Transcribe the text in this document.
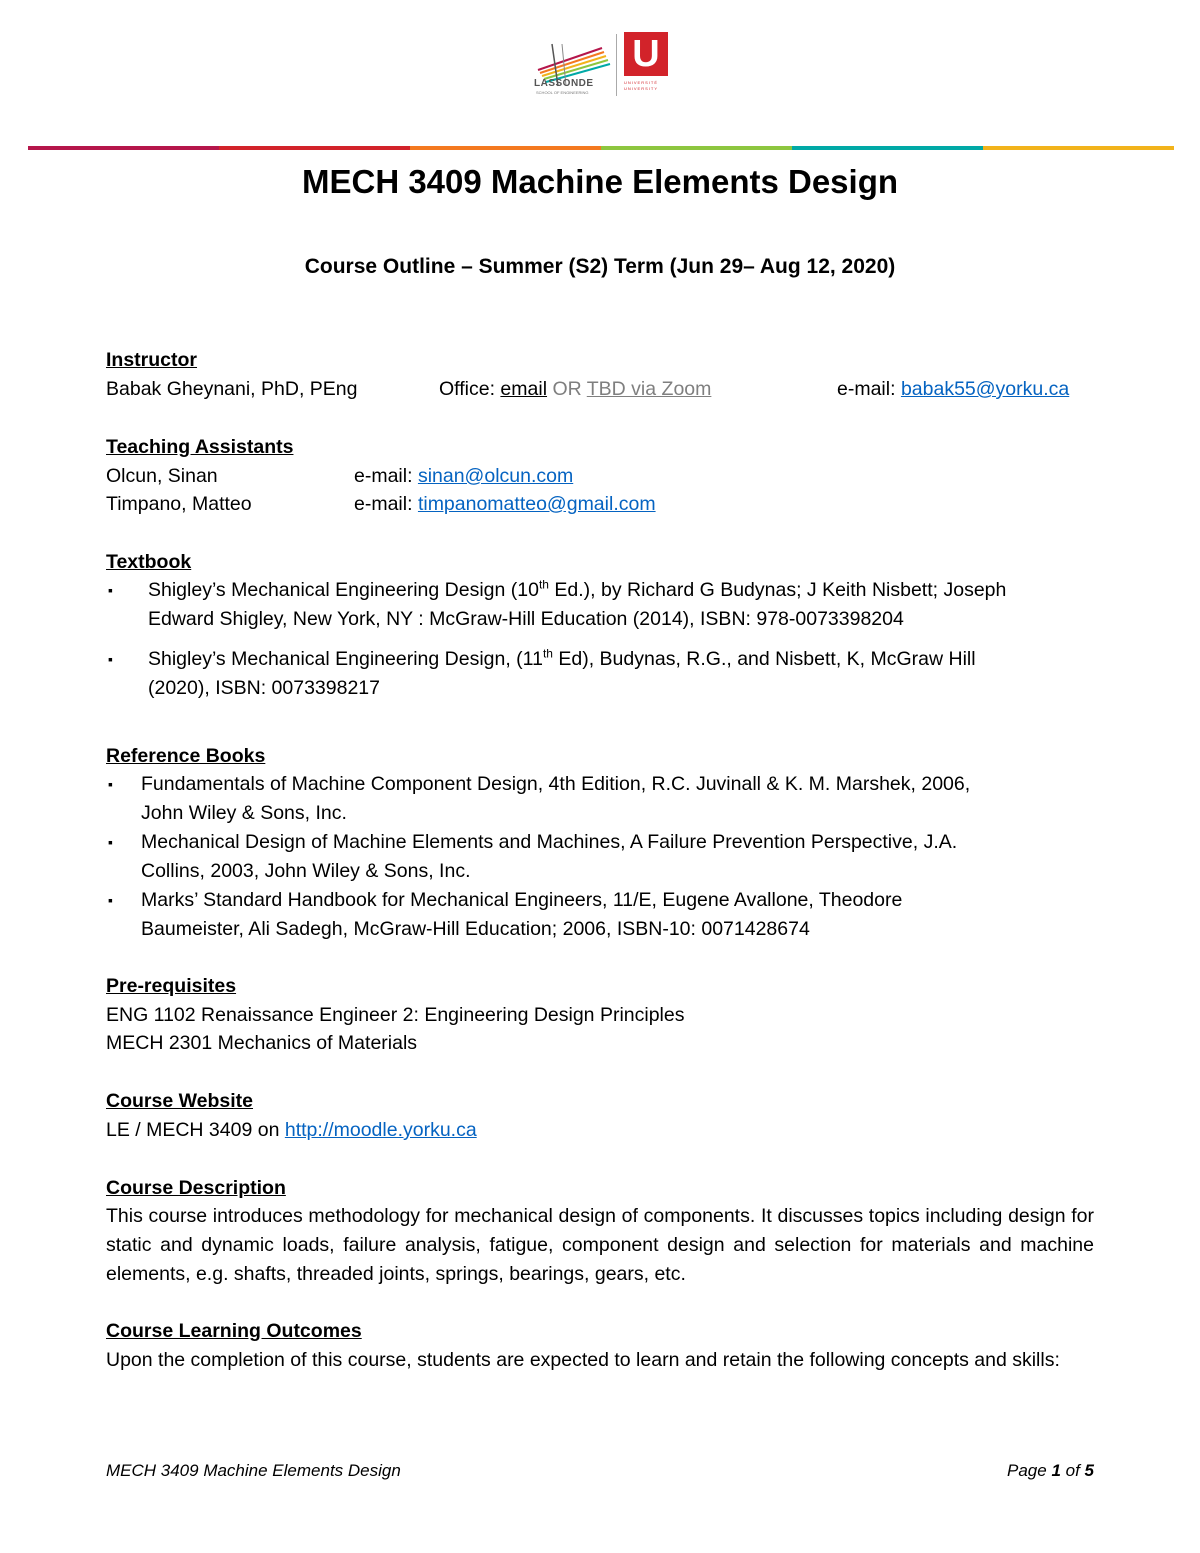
LASSONDE
SCHOOL OF ENGINEERING
U
UNIVERSITÉ UNIVERSITY
MECH 3409 Machine Elements Design
Course Outline – Summer (S2) Term (Jun 29– Aug 12, 2020)
Instructor
Babak Gheynani, PhD, PEng	Office: email OR TBD via Zoom	e-mail: babak55@yorku.ca
Teaching Assistants
Olcun, Sinan	e-mail: sinan@olcun.com
Timpano, Matteo	e-mail: timpanomatteo@gmail.com
Textbook
▪ Shigley’s Mechanical Engineering Design (10th Ed.), by Richard G Budynas; J Keith Nisbett; Joseph
Edward Shigley, New York, NY : McGraw-Hill Education (2014), ISBN: 978-0073398204
▪ Shigley’s Mechanical Engineering Design, (11th Ed), Budynas, R.G., and Nisbett, K, McGraw Hill
(2020), ISBN: 0073398217
Reference Books
▪ Fundamentals of Machine Component Design, 4th Edition, R.C. Juvinall & K. M. Marshek, 2006,
John Wiley & Sons, Inc.
▪ Mechanical Design of Machine Elements and Machines, A Failure Prevention Perspective, J.A.
Collins, 2003, John Wiley & Sons, Inc.
▪ Marks’ Standard Handbook for Mechanical Engineers, 11/E, Eugene Avallone, Theodore
Baumeister, Ali Sadegh, McGraw-Hill Education; 2006, ISBN-10: 0071428674
Pre-requisites
ENG 1102 Renaissance Engineer 2: Engineering Design Principles
MECH 2301 Mechanics of Materials
Course Website
LE / MECH 3409 on http://moodle.yorku.ca
Course Description
This course introduces methodology for mechanical design of components. It discusses topics including design for static and dynamic loads, failure analysis, fatigue, component design and selection for materials and machine elements, e.g. shafts, threaded joints, springs, bearings, gears, etc.
Course Learning Outcomes
Upon the completion of this course, students are expected to learn and retain the following concepts and skills:
MECH 3409 Machine Elements Design	Page 1 of 5
